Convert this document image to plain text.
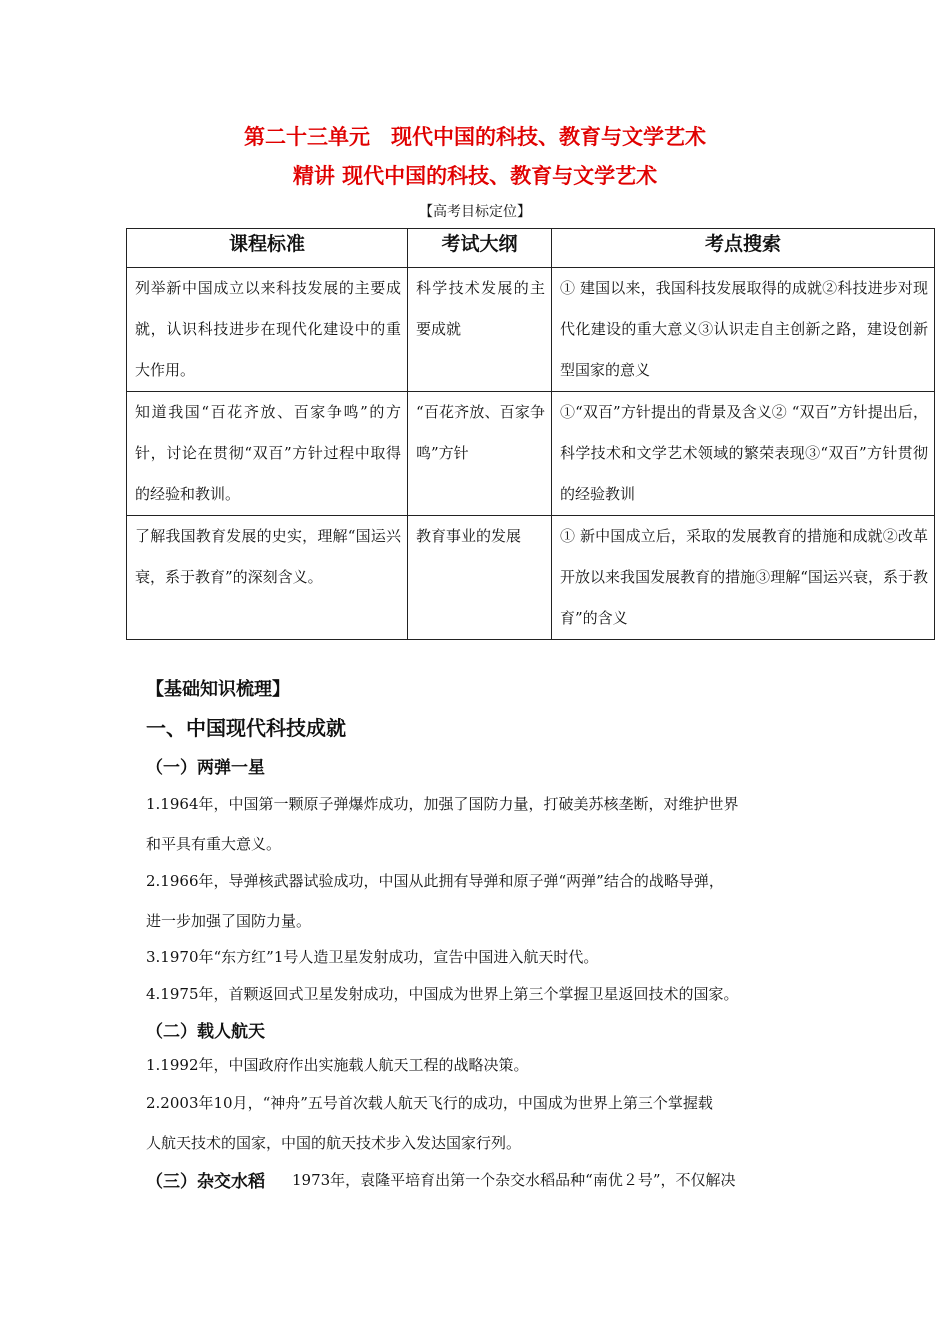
第二十三单元　现代中国的科技、教育与文学艺术
精讲 现代中国的科技、教育与文学艺术
【高考目标定位】
课程标准	考试大纲	考点搜索
列举新中国成立以来科技发展的主要成就，认识科技进步在现代化建设中的重大作用。	科学技术发展的主要成就	① 建国以来，我国科技发展取得的成就②科技进步对现代化建设的重大意义③认识走自主创新之路，建设创新型国家的意义
知道我国“百花齐放、百家争鸣”的方针，讨论在贯彻“双百”方针过程中取得的经验和教训。	“百花齐放、百家争鸣”方针	①“双百”方针提出的背景及含义② “双百”方针提出后，科学技术和文学艺术领域的繁荣表现③“双百”方针贯彻的经验教训
了解我国教育发展的史实，理解“国运兴衰，系于教育”的深刻含义。	教育事业的发展	① 新中国成立后，采取的发展教育的措施和成就②改革开放以来我国发展教育的措施③理解“国运兴衰，系于教育”的含义
【基础知识梳理】
一、中国现代科技成就
（一）两弹一星
1.1964年，中国第一颗原子弹爆炸成功，加强了国防力量，打破美苏核垄断，对维护世界
和平具有重大意义。
2.1966年，导弹核武器试验成功，中国从此拥有导弹和原子弹“两弹”结合的战略导弹，
进一步加强了国防力量。
3.1970年“东方红”1号人造卫星发射成功，宣告中国进入航天时代。
4.1975年，首颗返回式卫星发射成功，中国成为世界上第三个掌握卫星返回技术的国家。
（二）载人航天
1.1992年，中国政府作出实施载人航天工程的战略决策。
2.2003年10月，“神舟”五号首次载人航天飞行的成功，中国成为世界上第三个掌握载
人航天技术的国家，中国的航天技术步入发达国家行列。
（三）杂交水稻 1973年，袁隆平培育出第一个杂交水稻品种“南优２号”，不仅解决
